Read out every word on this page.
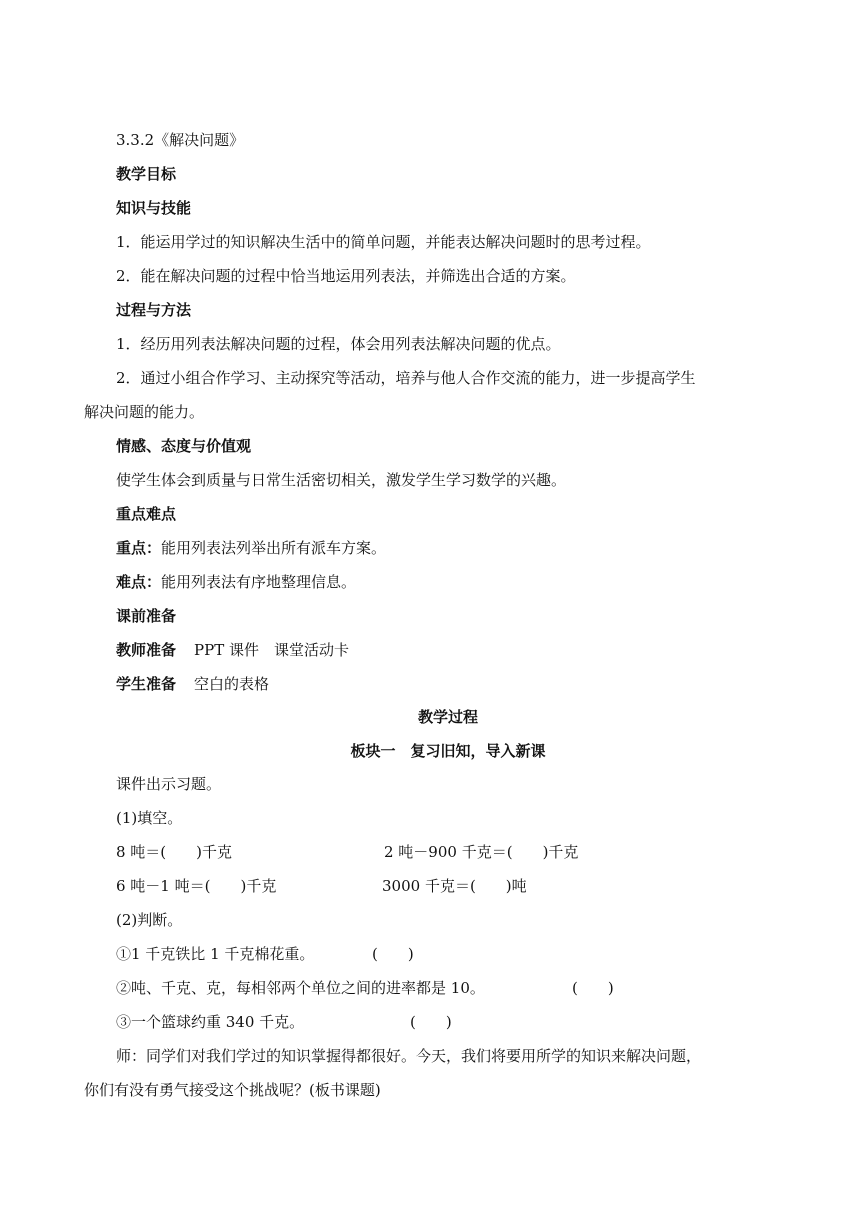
3.3.2《解决问题》
教学目标
知识与技能
1．能运用学过的知识解决生活中的简单问题，并能表达解决问题时的思考过程。
2．能在解决问题的过程中恰当地运用列表法，并筛选出合适的方案。
过程与方法
1．经历用列表法解决问题的过程，体会用列表法解决问题的优点。
2．通过小组合作学习、主动探究等活动，培养与他人合作交流的能力，进一步提高学生
解决问题的能力。
情感、态度与价值观
使学生体会到质量与日常生活密切相关，激发学生学习数学的兴趣。
重点难点
重点：能用列表法列举出所有派车方案。
难点：能用列表法有序地整理信息。
课前准备
教师准备 PPT 课件　课堂活动卡
学生准备 空白的表格
教学过程
板块一　复习旧知，导入新课
课件出示习题。
(1)填空。
8 吨＝(　　)千克	2 吨－900 千克＝(　　)千克
6 吨－1 吨＝(　　)千克	3000 千克＝(　　)吨
(2)判断。
①1 千克铁比 1 千克棉花重。	(　　)
②吨、千克、克，每相邻两个单位之间的进率都是 10。	(　　)
③一个篮球约重 340 千克。	(　　)
师：同学们对我们学过的知识掌握得都很好。今天，我们将要用所学的知识来解决问题，
你们有没有勇气接受这个挑战呢？(板书课题)
